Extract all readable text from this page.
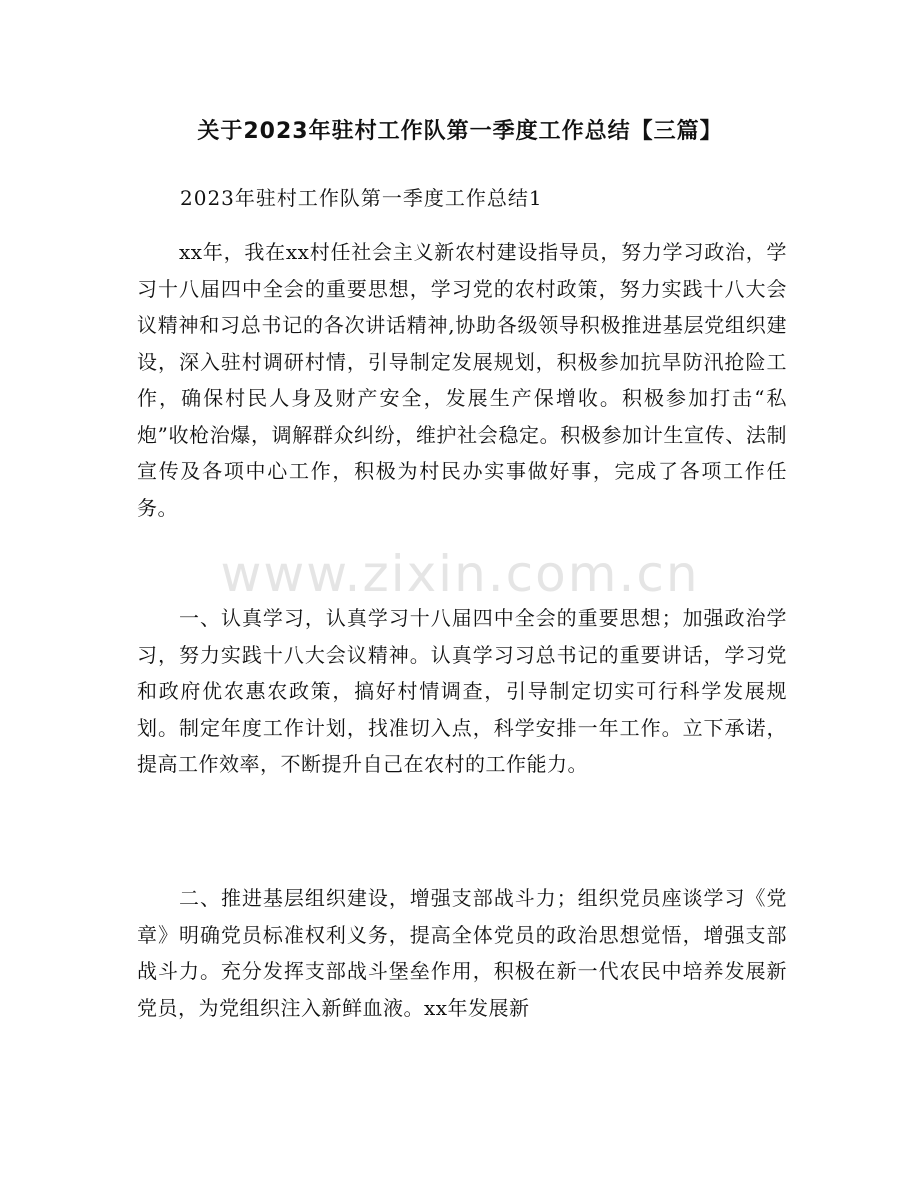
关于2023年驻村工作队第一季度工作总结【三篇】
2023年驻村工作队第一季度工作总结1

xx年，我在xx村任社会主义新农村建设指导员，努力学习政治，学习十八届四中全会的重要思想，学习党的农村政策，努力实践十八大会议精神和习总书记的各次讲话精神,协助各级领导积极推进基层党组织建设，深入驻村调研村情，引导制定发展规划，积极参加抗旱防汛抢险工作，确保村民人身及财产安全，发展生产保增收。积极参加打击“私炮”收枪治爆，调解群众纠纷，维护社会稳定。积极参加计生宣传、法制宣传及各项中心工作，积极为村民办实事做好事，完成了各项工作任务。

一、认真学习，认真学习十八届四中全会的重要思想；加强政治学习，努力实践十八大会议精神。认真学习习总书记的重要讲话，学习党和政府优农惠农政策，搞好村情调查，引导制定切实可行科学发展规划。制定年度工作计划，找准切入点，科学安排一年工作。立下承诺，提高工作效率，不断提升自己在农村的工作能力。

二、推进基层组织建设，增强支部战斗力；组织党员座谈学习《党章》明确党员标准权利义务，提高全体党员的政治思想觉悟，增强支部战斗力。充分发挥支部战斗堡垒作用，积极在新一代农民中培养发展新党员，为党组织注入新鲜血液。xx年发展新

www.zixin.com.cn
